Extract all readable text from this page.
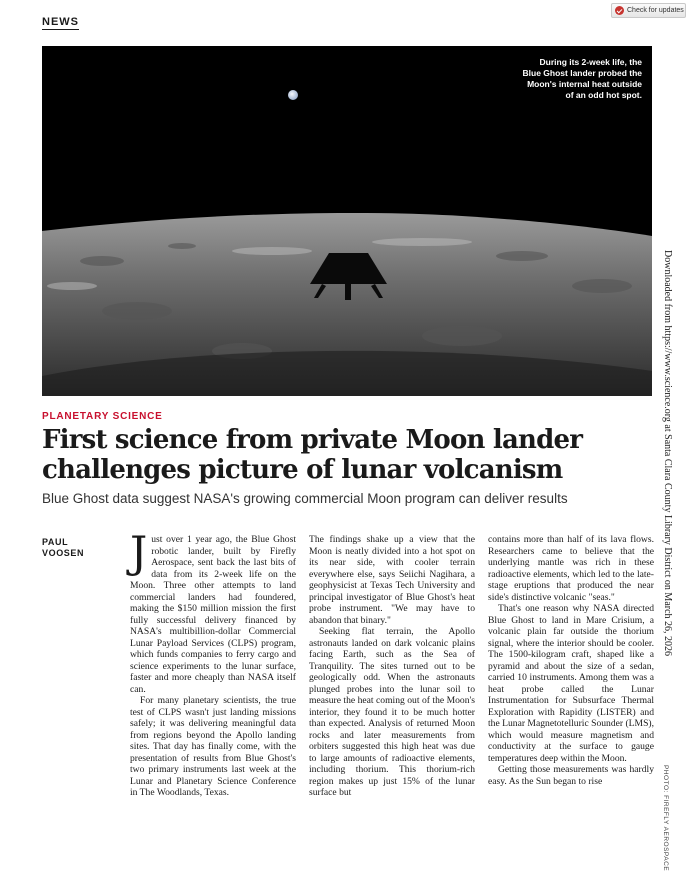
NEWS
Check for updates
During its 2-week life, the Blue Ghost lander probed the Moon's internal heat outside of an odd hot spot.
Downloaded from https://www.science.org at Santa Clara County Library District on March 26, 2026
PHOTO: FIREFLY AEROSPACE
PLANETARY SCIENCE
First science from private Moon lander challenges picture of lunar volcanism

Blue Ghost data suggest NASA's growing commercial Moon program can deliver results

PAUL
VOOSEN Just over 1 year ago, the Blue Ghost robotic lander, built by Firefly Aerospace, sent back the last bits of data from its 2-week life on the Moon. Three other attempts to land commercial landers had foundered, making the $150 million mission the first fully successful delivery financed by NASA's multibillion-dollar Commercial Lunar Payload Services (CLPS) program, which funds companies to ferry cargo and science experiments to the lunar surface, faster and more cheaply than NASA itself can.

For many planetary scientists, the true test of CLPS wasn't just landing missions safely; it was delivering meaningful data from regions beyond the Apollo landing sites. That day has finally come, with the presentation of results from Blue Ghost's two primary instruments last week at the Lunar and Planetary Science Conference in The Woodlands, Texas.

The findings shake up a view that the Moon is neatly divided into a hot spot on its near side, with cooler terrain everywhere else, says Seiichi Nagihara, a geophysicist at Texas Tech University and principal investigator of Blue Ghost's heat probe instrument. "We may have to abandon that binary."

Seeking flat terrain, the Apollo astronauts landed on dark volcanic plains facing Earth, such as the Sea of Tranquility. The sites turned out to be geologically odd. When the astronauts plunged probes into the lunar soil to measure the heat coming out of the Moon's interior, they found it to be much hotter than expected. Analysis of returned Moon rocks and later measurements from orbiters suggested this high heat was due to large amounts of radioactive elements, including thorium. This thorium-rich region makes up just 15% of the lunar surface but

contains more than half of its lava flows. Researchers came to believe that the underlying mantle was rich in these radioactive elements, which led to the late-stage eruptions that produced the near side's distinctive volcanic "seas."

That's one reason why NASA directed Blue Ghost to land in Mare Crisium, a volcanic plain far outside the thorium signal, where the interior should be cooler. The 1500-kilogram craft, shaped like a pyramid and about the size of a sedan, carried 10 instruments. Among them was a heat probe called the Lunar Instrumentation for Subsurface Thermal Exploration with Rapidity (LISTER) and the Lunar Magnetotelluric Sounder (LMS), which would measure magnetism and conductivity at the surface to gauge temperatures deep within the Moon.

Getting those measurements was hardly easy. As the Sun began to rise
